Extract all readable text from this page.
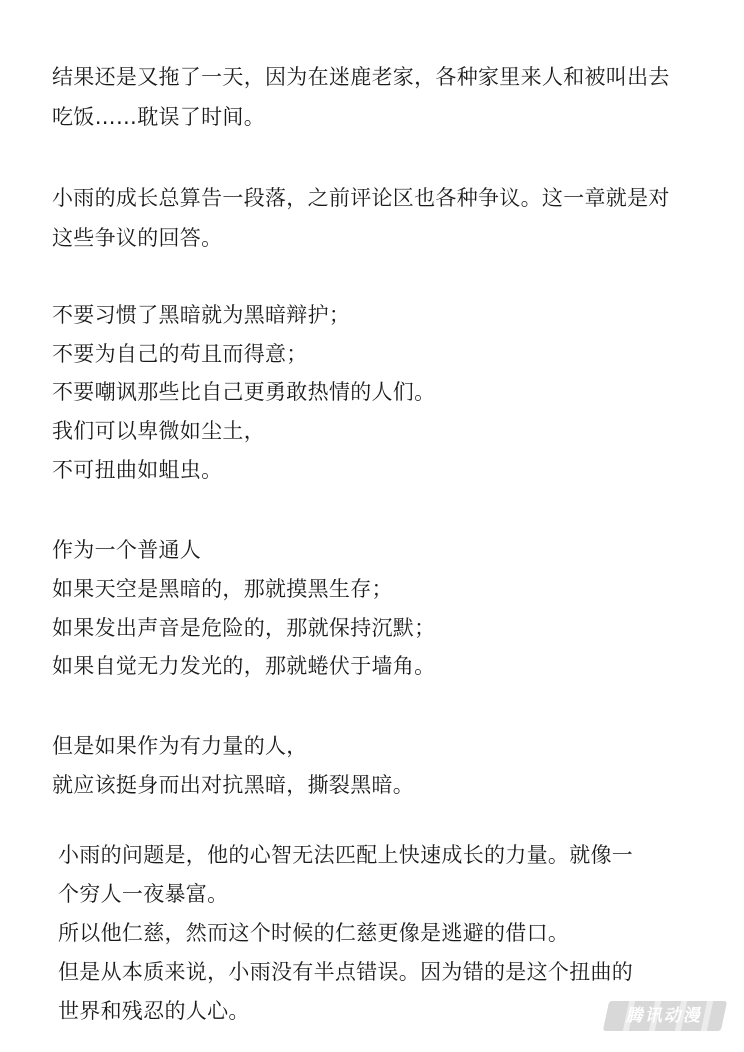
结果还是又拖了一天，因为在迷鹿老家，各种家里来人和被叫出去
吃饭……耽误了时间。
小雨的成长总算告一段落，之前评论区也各种争议。这一章就是对
这些争议的回答。
不要习惯了黑暗就为黑暗辩护；
不要为自己的苟且而得意；
不要嘲讽那些比自己更勇敢热情的人们。
我们可以卑微如尘土，
不可扭曲如蛆虫。
作为一个普通人
如果天空是黑暗的，那就摸黑生存；
如果发出声音是危险的，那就保持沉默；
如果自觉无力发光的，那就蜷伏于墙角。
但是如果作为有力量的人，
就应该挺身而出对抗黑暗，撕裂黑暗。
小雨的问题是，他的心智无法匹配上快速成长的力量。就像一
个穷人一夜暴富。
所以他仁慈，然而这个时候的仁慈更像是逃避的借口。
但是从本质来说，小雨没有半点错误。因为错的是这个扭曲的
世界和残忍的人心。	腾讯动漫
